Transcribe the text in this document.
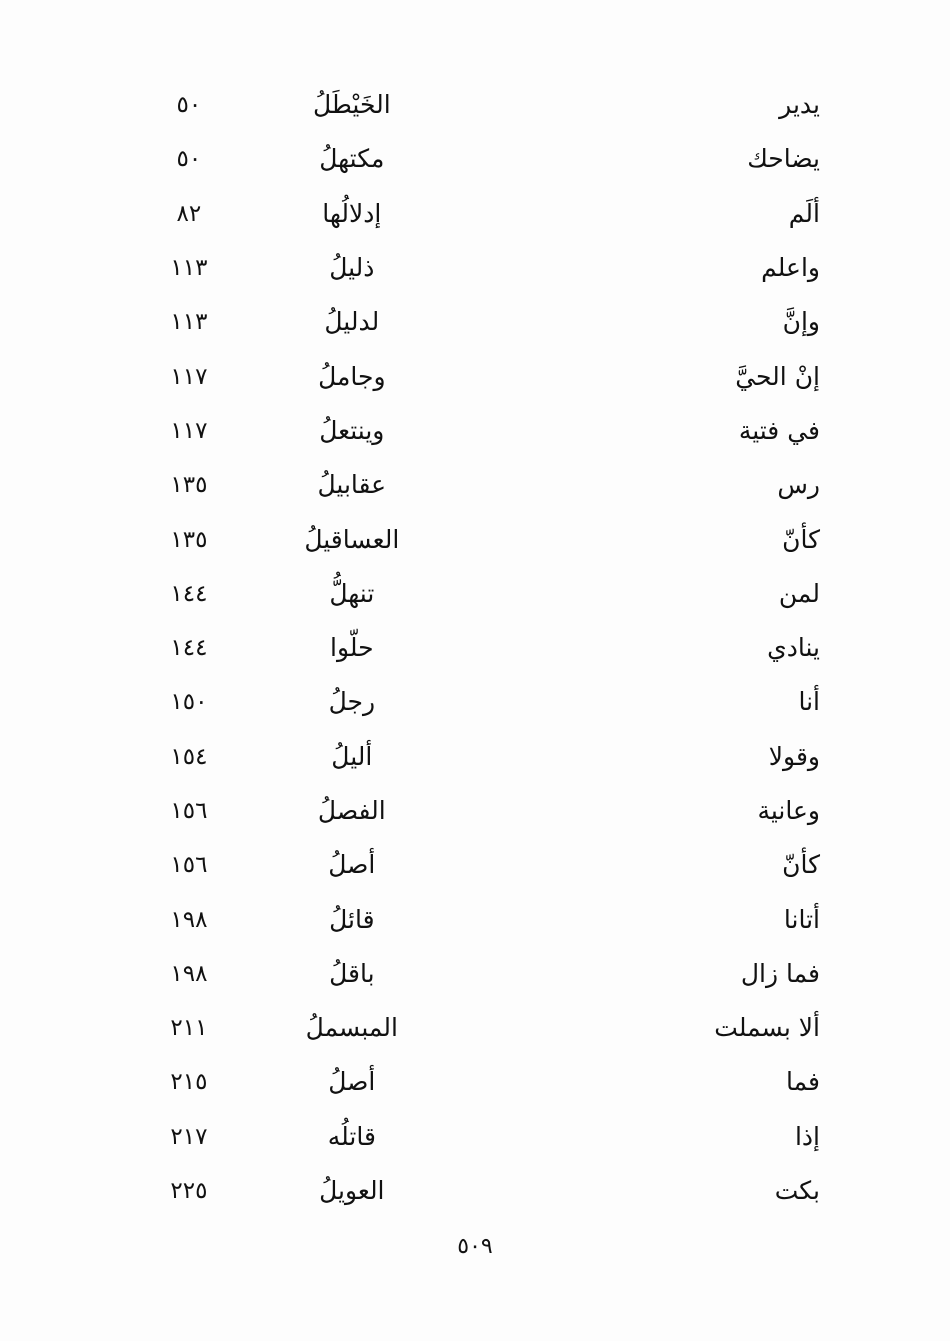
٥٠	الخَيْطَلُ		يدير
٥٠	مكتهلُ		يضاحك
٨٢	إدلالُها		ألَم
١١٣	ذليلُ		واعلم
١١٣	لدليلُ		وإنَّ
١١٧	وجاملُ		إنْ الحيَّ
١١٧	وينتعلُ		في فتية
١٣٥	عقابيلُ		رس
١٣٥	العساقيلُ		كأنّ
١٤٤	تنهلُّ		لمن
١٤٤	حلّوا		ينادي
١٥٠	رجلُ		أنا
١٥٤	أليلُ		وقولا
١٥٦	الفصلُ		وعانية
١٥٦	أصلُ		كأنّ
١٩٨	قائلُ		أتانا
١٩٨	باقلُ		فما زال
٢١١	المبسملُ		ألا بسملت
٢١٥	أصلُ		فما
٢١٧	قاتلُه		إذا
٢٢٥	العويلُ		بكت
٥٠٩
